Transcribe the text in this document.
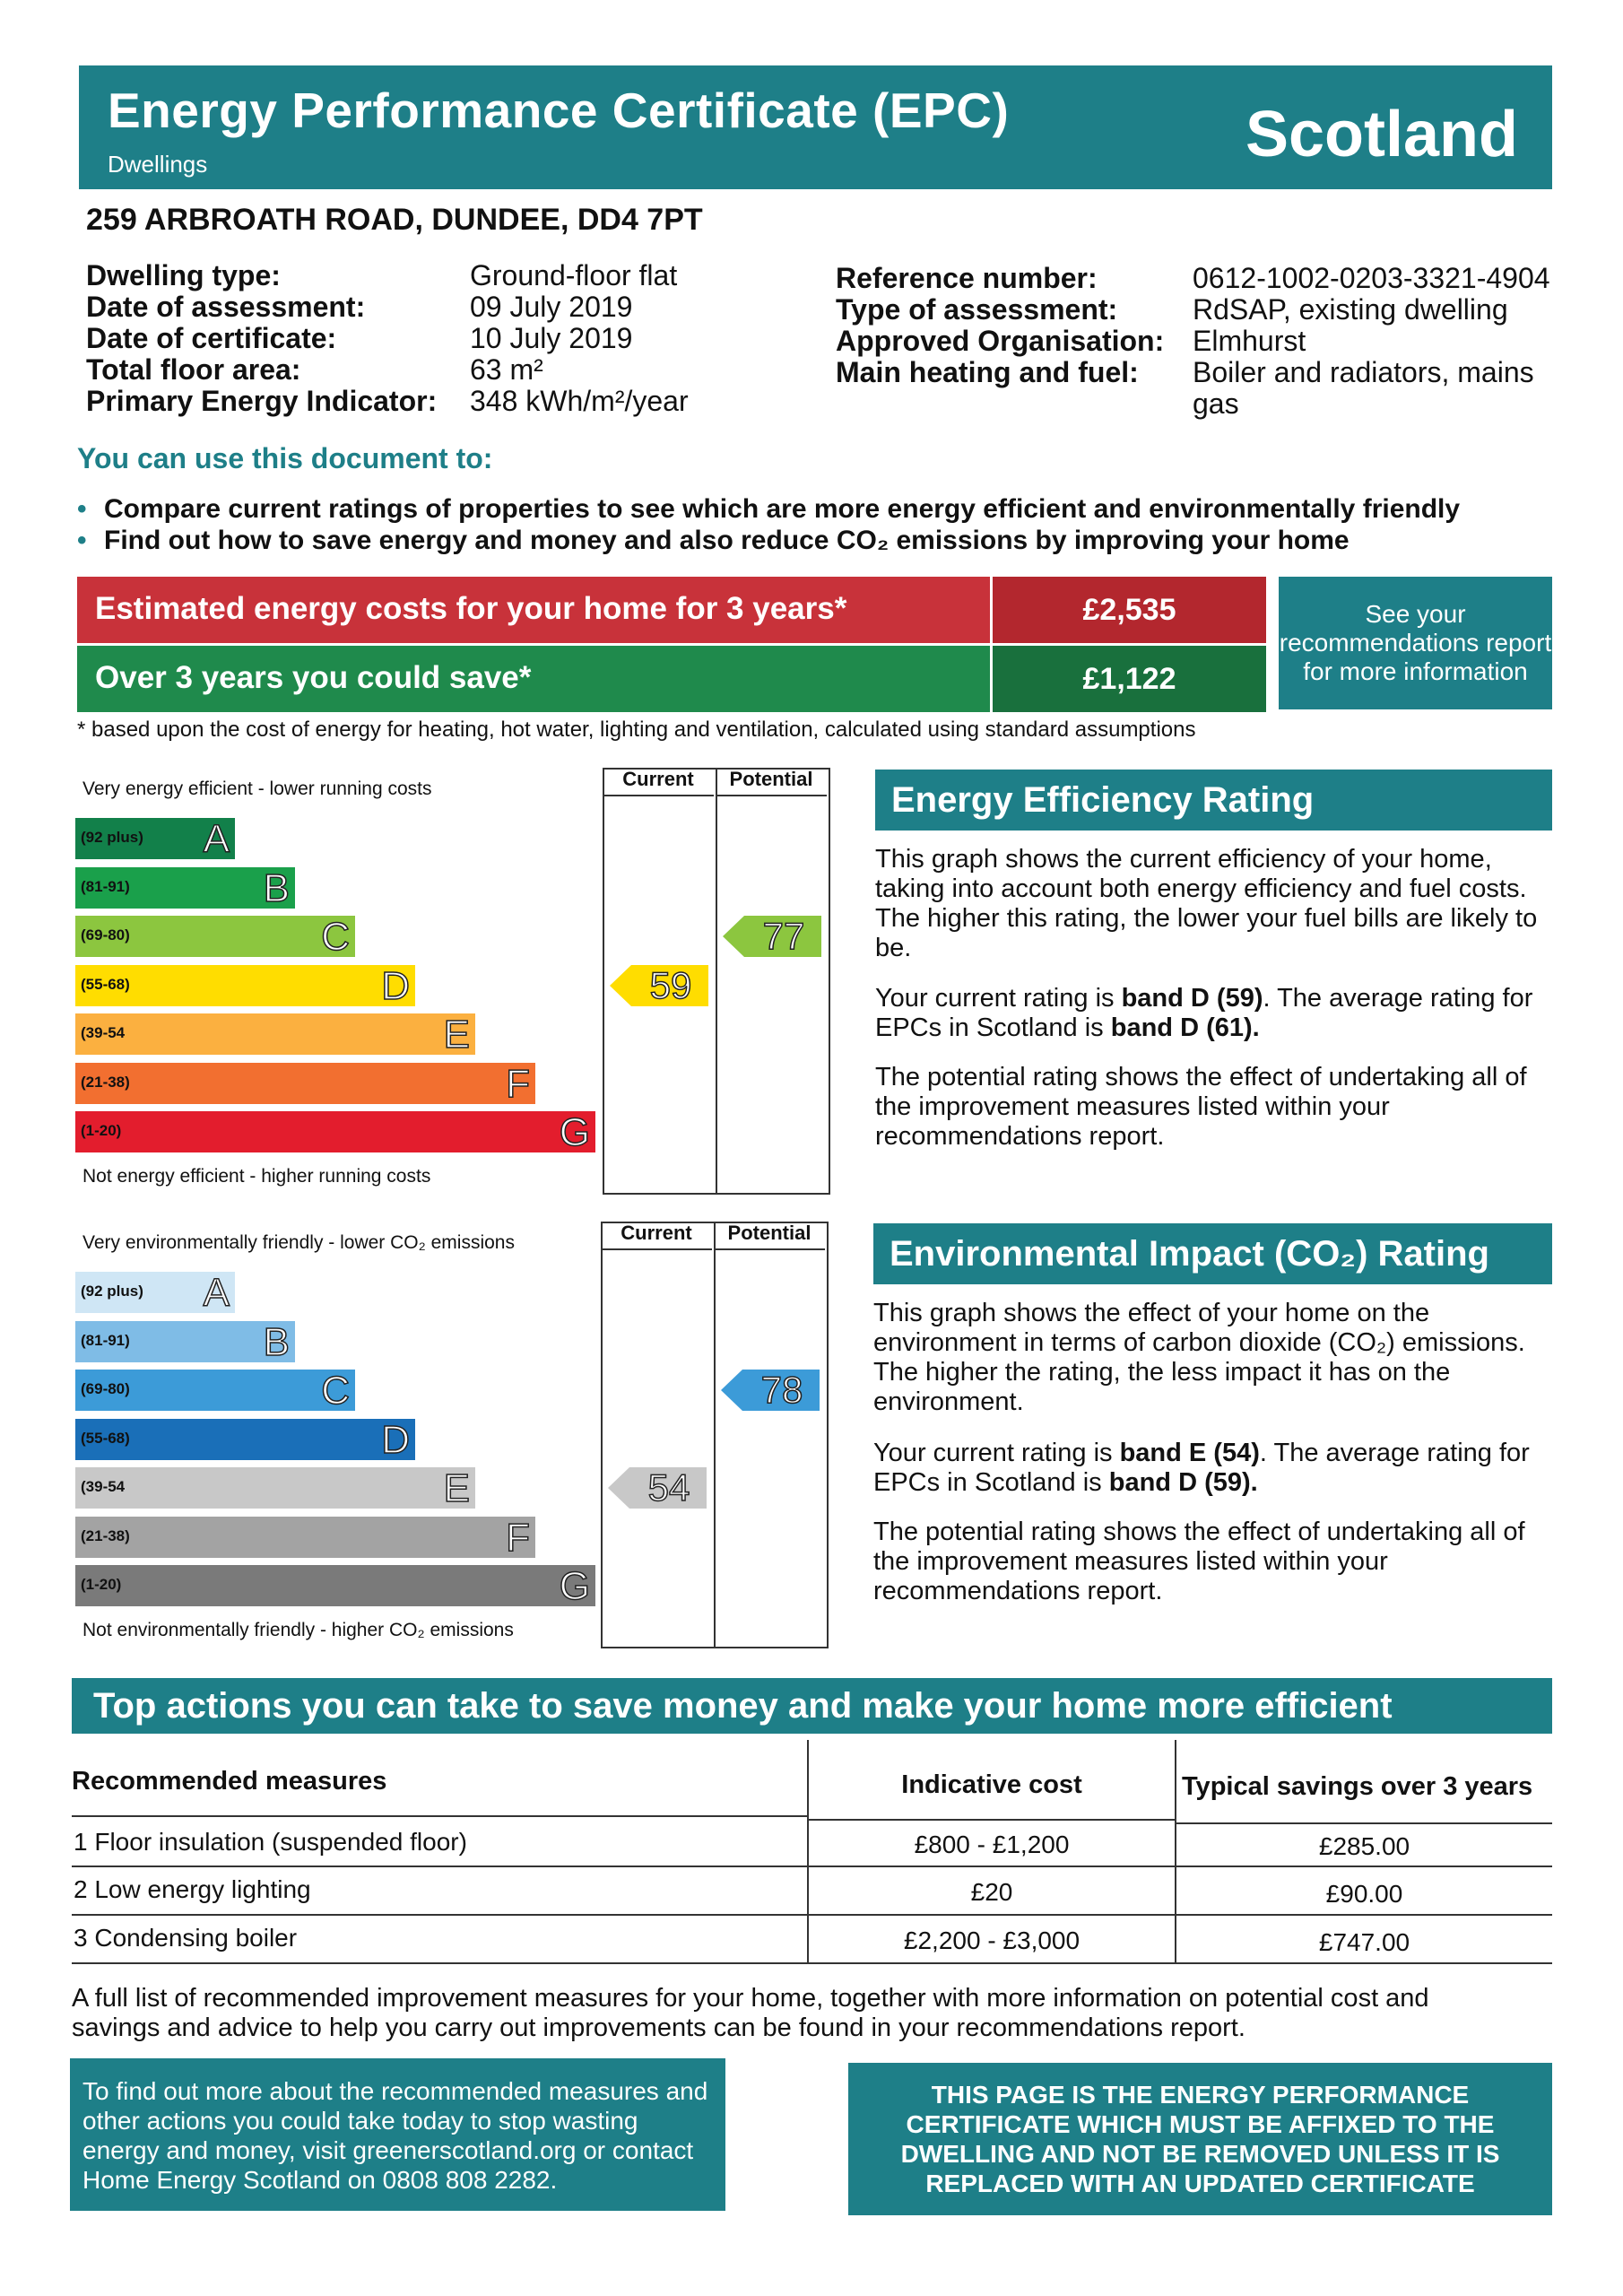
Energy Performance Certificate (EPC)
Dwellings	Scotland
259 ARBROATH ROAD, DUNDEE, DD4 7PT
Dwelling type:	Ground-floor flat
Date of assessment:	09 July 2019
Date of certificate:	10 July 2019
Total floor area:	63 m²
Primary Energy Indicator: 348 kWh/m²/year
Reference number:	0612-1002-0203-3321-4904
Type of assessment:	RdSAP, existing dwelling
Approved Organisation: Elmhurst
Main heating and fuel: Boiler and radiators, mains gas
You can use this document to:
• Compare current ratings of properties to see which are more energy efficient and environmentally friendly
• Find out how to save energy and money and also reduce CO₂ emissions by improving your home
Estimated energy costs for your home for 3 years*	£2,535
Over 3 years you could save*	£1,122
See your recommendations report for more information
* based upon the cost of energy for heating, hot water, lighting and ventilation, calculated using standard assumptions
Current	Potential
Very energy efficient - lower running costs
Not energy efficient - higher running costs
(92 plus) A
(81-91)	B
(69-80)	C
(55-68)	D
(39-54	E
(21-38)	F
(1-20)	G
59
77
Energy Efficiency Rating
This graph shows the current efficiency of your home, taking into account both energy efficiency and fuel costs. The higher this rating, the lower your fuel bills are likely to be.
Your current rating is band D (59). The average rating for EPCs in Scotland is band D (61).
The potential rating shows the effect of undertaking all of the improvement measures listed within your recommendations report.
Current	Potential
Very environmentally friendly - lower CO₂ emissions
Not environmentally friendly - higher CO₂ emissions
(92 plus) A
(81-91)	B
(69-80)	C
(55-68)	D
(39-54	E
(21-38)	F
(1-20)	G
54
78
Environmental Impact (CO₂) Rating
This graph shows the effect of your home on the environment in terms of carbon dioxide (CO₂) emissions. The higher the rating, the less impact it has on the environment.
Your current rating is band E (54). The average rating for EPCs in Scotland is band D (59).
The potential rating shows the effect of undertaking all of the improvement measures listed within your recommendations report.
Top actions you can take to save money and make your home more efficient
Recommended measures	Indicative cost	Typical savings over 3 years
1 Floor insulation (suspended floor)	£800 - £1,200	£285.00
2 Low energy lighting	£20	£90.00
3 Condensing boiler	£2,200 - £3,000	£747.00
A full list of recommended improvement measures for your home, together with more information on potential cost and savings and advice to help you carry out improvements can be found in your recommendations report.
To find out more about the recommended measures and other actions you could take today to stop wasting energy and money, visit greenerscotland.org or contact Home Energy Scotland on 0808 808 2282.
THIS PAGE IS THE ENERGY PERFORMANCE CERTIFICATE WHICH MUST BE AFFIXED TO THE DWELLING AND NOT BE REMOVED UNLESS IT IS REPLACED WITH AN UPDATED CERTIFICATE
